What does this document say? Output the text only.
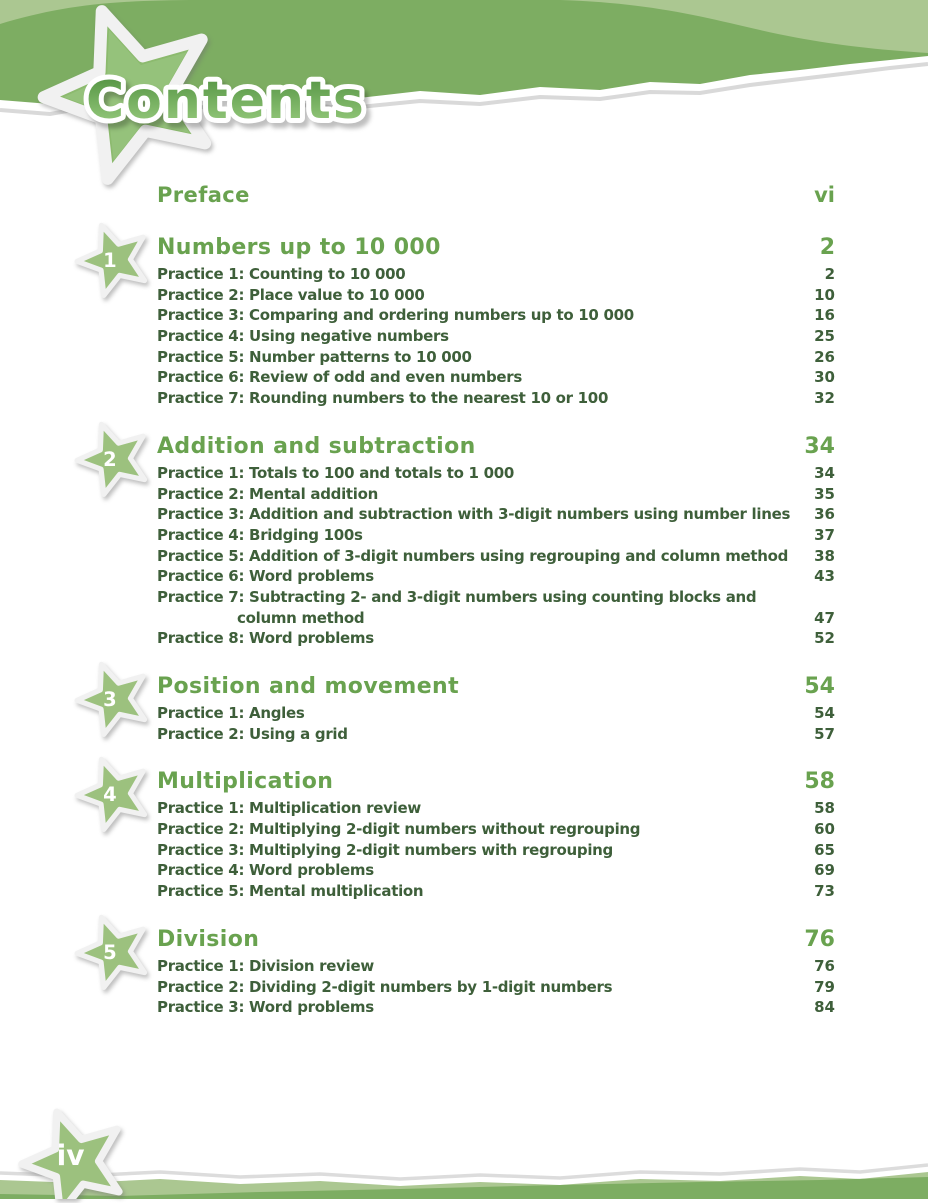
Contents
Preface	vi
1
Numbers up to 10 000	2
Practice 1: Counting to 10 000	2
Practice 2: Place value to 10 000	10
Practice 3: Comparing and ordering numbers up to 10 000	16
Practice 4: Using negative numbers	25
Practice 5: Number patterns to 10 000	26
Practice 6: Review of odd and even numbers	30
Practice 7: Rounding numbers to the nearest 10 or 100	32
2
Addition and subtraction	34
Practice 1: Totals to 100 and totals to 1 000	34
Practice 2: Mental addition	35
Practice 3: Addition and subtraction with 3-digit numbers using number lines 36
Practice 4: Bridging 100s	37
Practice 5: Addition of 3-digit numbers using regrouping and column method 38
Practice 6: Word problems	43
Practice 7: Subtracting 2- and 3-digit numbers using counting blocks and
column method	47
Practice 8: Word problems	52
3
Position and movement	54
Practice 1: Angles	54
Practice 2: Using a grid	57
4
Multiplication	58
Practice 1: Multiplication review	58
Practice 2: Multiplying 2-digit numbers without regrouping	60
Practice 3: Multiplying 2-digit numbers with regrouping	65
Practice 4: Word problems	69
Practice 5: Mental multiplication	73
5
Division	76
Practice 1: Division review	76
Practice 2: Dividing 2-digit numbers by 1-digit numbers	79
Practice 3: Word problems	84
iv
